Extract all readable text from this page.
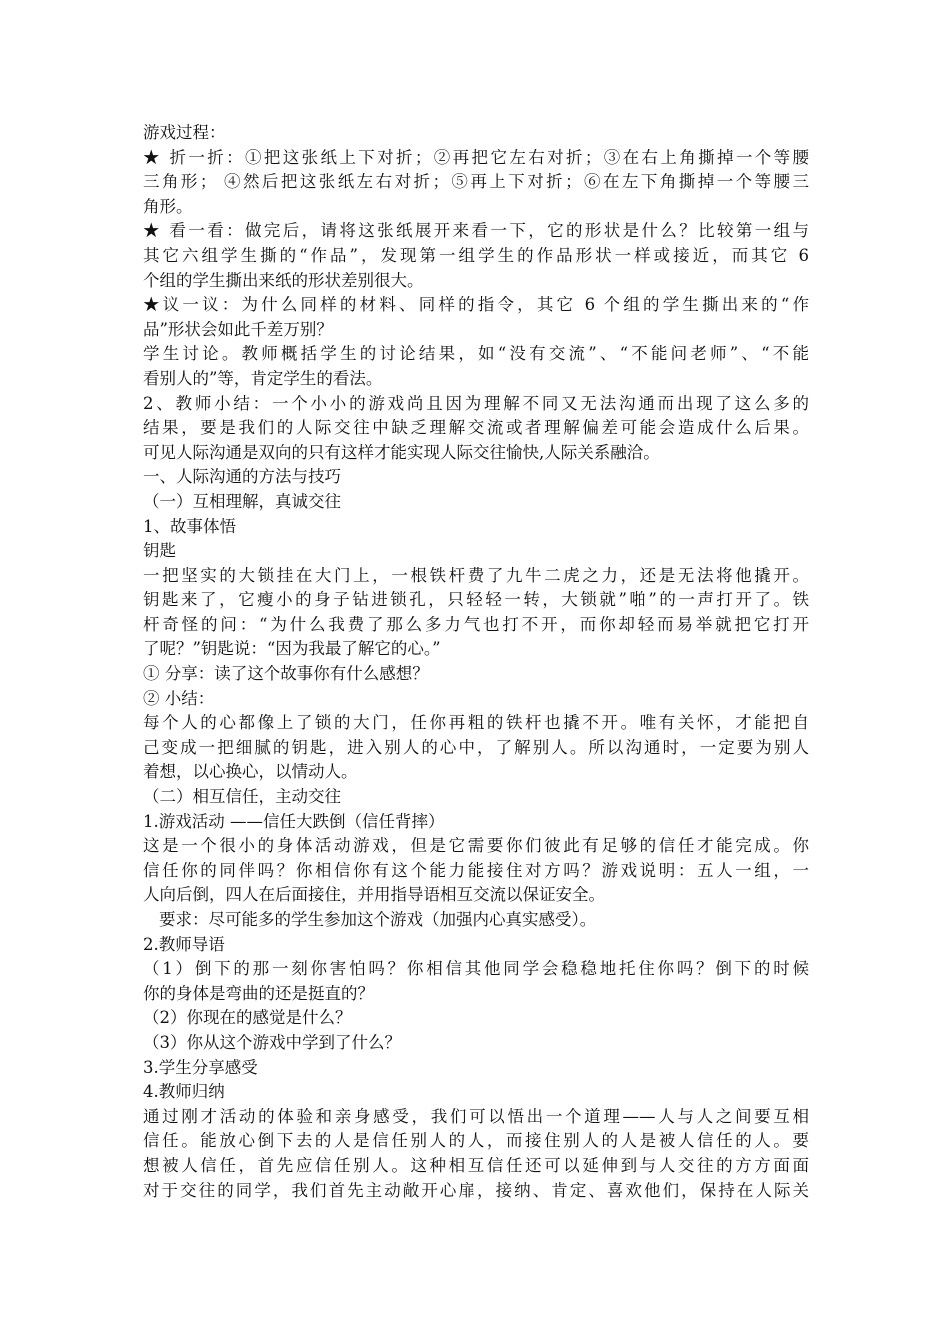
游戏过程：
★ 折一折：①把这张纸上下对折；②再把它左右对折；③在右上角撕掉一个等腰
三角形； ④然后把这张纸左右对折；⑤再上下对折；⑥在左下角撕掉一个等腰三
角形。
★ 看一看：做完后，请将这张纸展开来看一下，它的形状是什么？比较第一组与
其它六组学生撕的“作品”，发现第一组学生的作品形状一样或接近，而其它 6
个组的学生撕出来纸的形状差别很大。
★议一议：为什么同样的材料、同样的指令，其它 6 个组的学生撕出来的“作
品”形状会如此千差万别？
学生讨论。教师概括学生的讨论结果，如“没有交流”、“不能问老师”、“不能
看别人的”等，肯定学生的看法。
2、教师小结：一个小小的游戏尚且因为理解不同又无法沟通而出现了这么多的
结果，要是我们的人际交往中缺乏理解交流或者理解偏差可能会造成什么后果。
可见人际沟通是双向的只有这样才能实现人际交往愉快,人际关系融洽。
一、人际沟通的方法与技巧
（一）互相理解，真诚交往
1、故事体悟
钥匙
一把坚实的大锁挂在大门上，一根铁杆费了九牛二虎之力，还是无法将他撬开。
钥匙来了，它瘦小的身子钻进锁孔，只轻轻一转，大锁就”啪”的一声打开了。铁
杆奇怪的问：“为什么我费了那么多力气也打不开，而你却轻而易举就把它打开
了呢？”钥匙说：“因为我最了解它的心。”
① 分享：读了这个故事你有什么感想？
② 小结：
每个人的心都像上了锁的大门，任你再粗的铁杆也撬不开。唯有关怀，才能把自
己变成一把细腻的钥匙，进入别人的心中，了解别人。所以沟通时，一定要为别人
着想，以心换心，以情动人。
（二）相互信任，主动交往
1.游戏活动 ——信任大跌倒（信任背摔）
这是一个很小的身体活动游戏，但是它需要你们彼此有足够的信任才能完成。你
信任你的同伴吗？你相信你有这个能力能接住对方吗？游戏说明：五人一组，一
人向后倒，四人在后面接住，并用指导语相互交流以保证安全。
要求：尽可能多的学生参加这个游戏（加强内心真实感受）。
2.教师导语
（1）倒下的那一刻你害怕吗？你相信其他同学会稳稳地托住你吗？倒下的时候
你的身体是弯曲的还是挺直的？
（2）你现在的感觉是什么？
（3）你从这个游戏中学到了什么？
3.学生分享感受
4.教师归纳
通过刚才活动的体验和亲身感受，我们可以悟出一个道理——人与人之间要互相
信任。能放心倒下去的人是信任别人的人，而接住别人的人是被人信任的人。要
想被人信任，首先应信任别人。这种相互信任还可以延伸到与人交往的方方面面
对于交往的同学，我们首先主动敞开心扉，接纳、肯定、喜欢他们，保持在人际关
